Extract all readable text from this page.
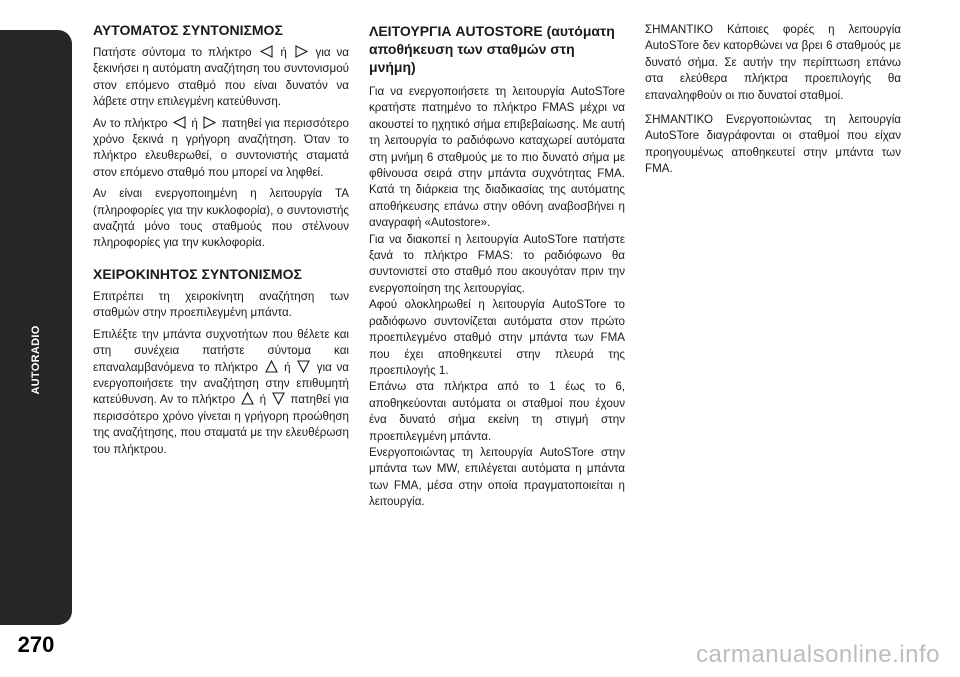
AUTORADIO
270
ΑΥΤΟΜΑΤΟΣ ΣΥΝΤΟΝΙΣΜΟΣ

Πατήστε σύντομα το πλήκτρο ή για να ξεκινήσει η αυτόματη αναζήτηση του συντονισμού στον επόμενο σταθμό που είναι δυνατόν να λάβετε στην επιλεγμένη κατεύθυνση.

Αν το πλήκτρο ή πατηθεί για περισσότερο χρόνο ξεκινά η γρήγορη αναζήτηση. Όταν το πλήκτρο ελευθερωθεί, ο συντονιστής σταματά στον επόμενο σταθμό που μπορεί να ληφθεί.

Αν είναι ενεργοποιημένη η λειτουργία TA (πληροφορίες για την κυκλοφορία), ο συντονιστής αναζητά μόνο τους σταθμούς που στέλνουν πληροφορίες για την κυκλοφορία.

ΧΕΙΡΟΚΙΝΗΤΟΣ ΣΥΝΤΟΝΙΣΜΟΣ

Επιτρέπει τη χειροκίνητη αναζήτηση των σταθμών στην προεπιλεγμένη μπάντα.

Επιλέξτε την μπάντα συχνοτήτων που θέλετε και στη συνέχεια πατήστε σύντομα και επαναλαμβανόμενα το πλήκτρο ή για να ενεργοποιήσετε την αναζήτηση στην επιθυμητή κατεύθυνση. Αν το πλήκτρο ή πατηθεί για περισσότερο χρόνο γίνεται η γρήγορη προώθηση της αναζήτησης, που σταματά με την ελευθέρωση του πλήκτρου.

ΛΕΙΤΟΥΡΓΙΑ AUTOSTORE (αυτόματη αποθήκευση των σταθμών στη μνήμη)

Για να ενεργοποιήσετε τη λειτουργία AutoSTore κρατήστε πατημένο το πλήκτρο FMAS μέχρι να ακουστεί το ηχητικό σήμα επιβεβαίωσης. Με αυτή τη λειτουργία το ραδιόφωνο καταχωρεί αυτόματα στη μνήμη 6 σταθμούς με το πιο δυνατό σήμα με φθίνουσα σειρά στην μπάντα συχνότητας FMA. Κατά τη διάρκεια της διαδικασίας της αυτόματης αποθήκευσης επάνω στην οθόνη αναβοσβήνει η αναγραφή «Autostore».

Για να διακοπεί η λειτουργία AutoSTore πατήστε ξανά το πλήκτρο FMAS: το ραδιόφωνο θα συντονιστεί στο σταθμό που ακουγόταν πριν την ενεργοποίηση της λειτουργίας.

Αφού ολοκληρωθεί η λειτουργία AutoSTore το ραδιόφωνο συντονίζεται αυτόματα στον πρώτο προεπιλεγμένο σταθμό στην μπάντα των FMA που έχει αποθηκευτεί στην πλευρά της προεπιλογής 1.

Επάνω στα πλήκτρα από το 1 έως το 6, αποθηκεύονται αυτόματα οι σταθμοί που έχουν ένα δυνατό σήμα εκείνη τη στιγμή στην προεπιλεγμένη μπάντα.

Ενεργοποιώντας τη λειτουργία AutoSTore στην μπάντα των MW, επιλέγεται αυτόματα η μπάντα των FMA, μέσα στην οποία πραγματοποιείται η λειτουργία.

ΣΗΜΑΝΤΙΚΟ Κάποιες φορές η λειτουργία AutoSTore δεν κατορθώνει να βρει 6 σταθμούς με δυνατό σήμα. Σε αυτήν την περίπτωση επάνω στα ελεύθερα πλήκτρα προεπιλογής θα επαναληφθούν οι πιο δυνατοί σταθμοί.

ΣΗΜΑΝΤΙΚΟ Ενεργοποιώντας τη λειτουργία AutoSTore διαγράφονται οι σταθμοί που είχαν προηγουμένως αποθηκευτεί στην μπάντα των FMA.

carmanualsonline.info
